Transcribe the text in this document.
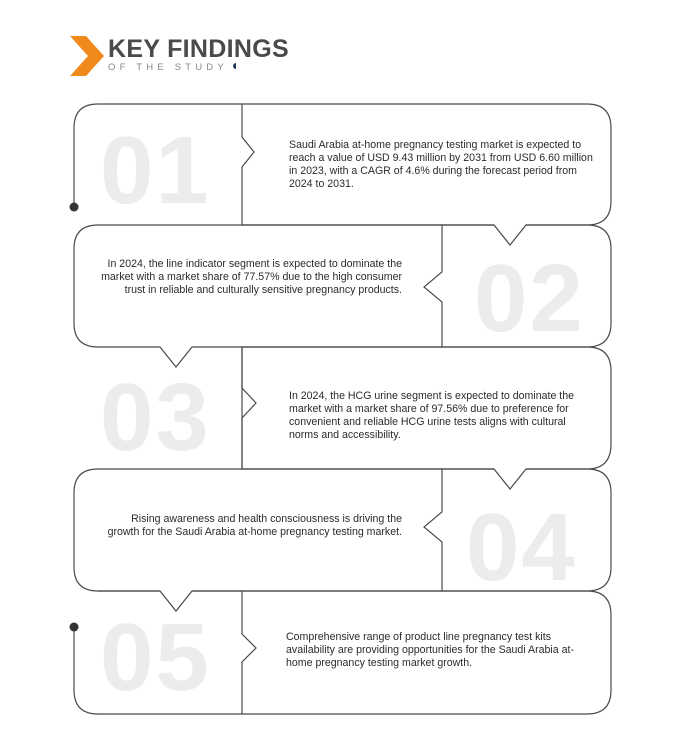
KEY FINDINGS
OF THE STUDY
01
02
03
04
05
Saudi Arabia at-home pregnancy testing market is expected to reach a value of USD 9.43 million by 2031 from USD 6.60 million in 2023, with a CAGR of 4.6% during the forecast period from 2024 to 2031.
In 2024, the line indicator segment is expected to dominate the market with a market share of 77.57% due to the high consumer trust in reliable and culturally sensitive pregnancy products.
In 2024, the HCG urine segment is expected to dominate the market with a market share of 97.56% due to preference for convenient and reliable HCG urine tests aligns with cultural norms and accessibility.
Rising awareness and health consciousness is driving the growth for the Saudi Arabia at-home pregnancy testing market.
Comprehensive range of product line pregnancy test kits availability are providing opportunities for the Saudi Arabia at-home pregnancy testing market growth.
